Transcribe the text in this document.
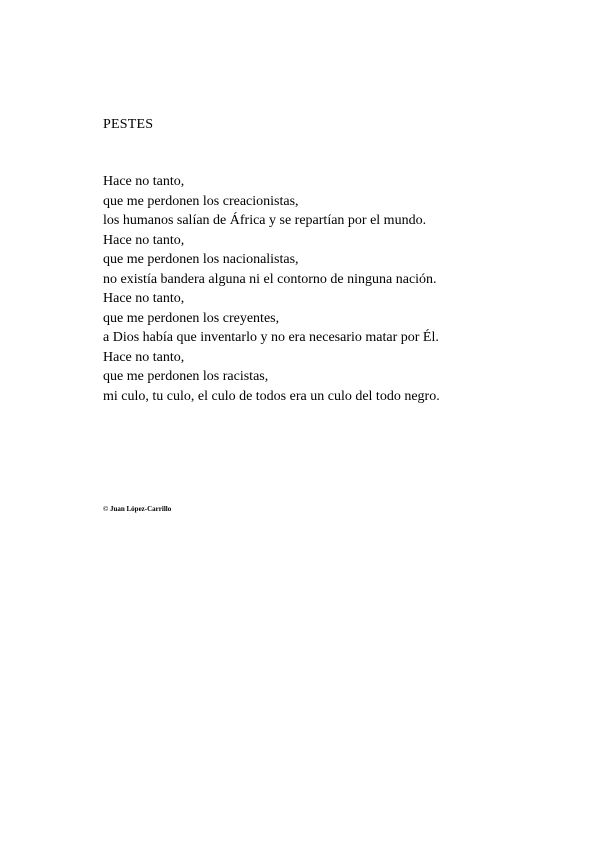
PESTES
Hace no tanto,
que me perdonen los creacionistas,
los humanos salían de África y se repartían por el mundo.
Hace no tanto,
que me perdonen los nacionalistas,
no existía bandera alguna ni el contorno de ninguna nación.
Hace no tanto,
que me perdonen los creyentes,
a Dios había que inventarlo y no era necesario matar por Él.
Hace no tanto,
que me perdonen los racistas,
mi culo, tu culo, el culo de todos era un culo del todo negro.
© Juan López-Carrillo
